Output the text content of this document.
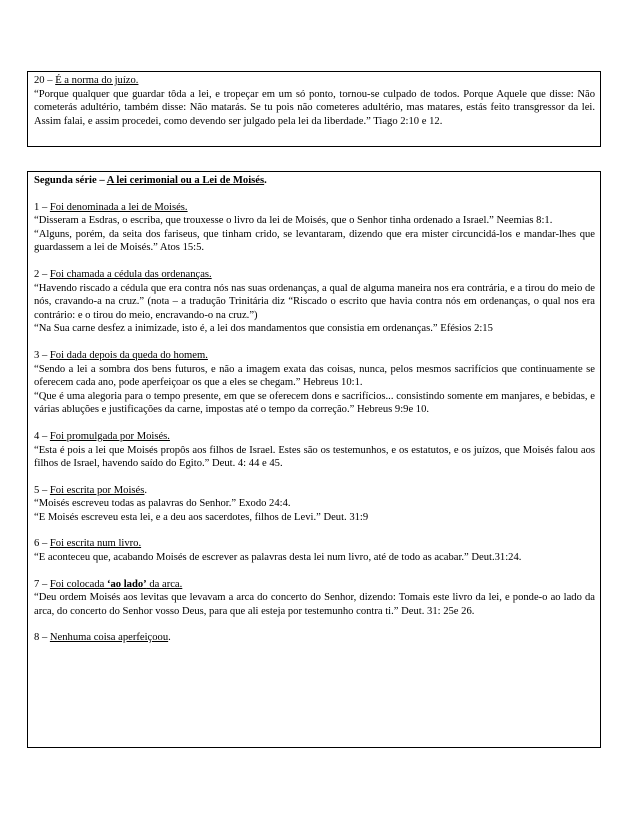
20 – É a norma do juízo.

“Porque qualquer que guardar tôda a lei, e tropeçar em um só ponto, tornou-se culpado de todos. Porque Aquele que disse: Não cometerás adultério, também disse: Não matarás. Se tu pois não cometeres adultério, mas matares, estás feito transgressor da lei. Assim falai, e assim procedei, como devendo ser julgado pela lei da liberdade.” Tiago 2:10 e 12.

Segunda série – A lei cerimonial ou a Lei de Moisés.

1 – Foi denominada a lei de Moisés.

“Disseram a Esdras, o escriba, que trouxesse o livro da lei de Moisés, que o Senhor tinha ordenado a Israel.” Neemias 8:1.

“Alguns, porém, da seita dos fariseus, que tinham crido, se levantaram, dizendo que era mister circuncidá-los e mandar-lhes que guardassem a lei de Moisés.” Atos 15:5.

2 – Foi chamada a cédula das ordenanças.

“Havendo riscado a cédula que era contra nós nas suas ordenanças, a qual de alguma maneira nos era contrária, e a tirou do meio de nós, cravando-a na cruz.” (nota – a tradução Trinitária diz “Riscado o escrito que havia contra nós em ordenanças, o qual nos era contrário: e o tirou do meio, encravando-o na cruz.”)

“Na Sua carne desfez a inimizade, isto é, a lei dos mandamentos que consistia em ordenanças.” Efésios 2:15

3 – Foi dada depois da queda do homem.

“Sendo a lei a sombra dos bens futuros, e não a imagem exata das coisas, nunca, pelos mesmos sacrifícios que continuamente se oferecem cada ano, pode aperfeiçoar os que a eles se chegam.” Hebreus 10:1.

“Que é uma alegoria para o tempo presente, em que se oferecem dons e sacrifícios... consistindo somente em manjares, e bebidas, e várias abluções e justificações da carne, impostas até o tempo da correção.” Hebreus 9:9e 10.

4 – Foi promulgada por Moisés.

“Esta é pois a lei que Moisés propôs aos filhos de Israel. Estes são os testemunhos, e os estatutos, e os juízos, que Moisés falou aos filhos de Israel, havendo saído do Egito.” Deut. 4: 44 e 45.

5 – Foi escrita por Moisés.

“Moisés escreveu todas as palavras do Senhor.” Exodo 24:4.

“E Moisés escreveu esta lei, e a deu aos sacerdotes, filhos de Levi.” Deut. 31:9

6 – Foi escrita num livro.

“E aconteceu que, acabando Moisés de escrever as palavras desta lei num livro, até de todo as acabar.” Deut.31:24.

7 – Foi colocada ‘ao lado’ da arca.

“Deu ordem Moisés aos levitas que levavam a arca do concerto do Senhor, dizendo: Tomais este livro da lei, e ponde-o ao lado da arca, do concerto do Senhor vosso Deus, para que ali esteja por testemunho contra ti.” Deut. 31: 25e 26.

8 – Nenhuma coisa aperfeiçoou.
